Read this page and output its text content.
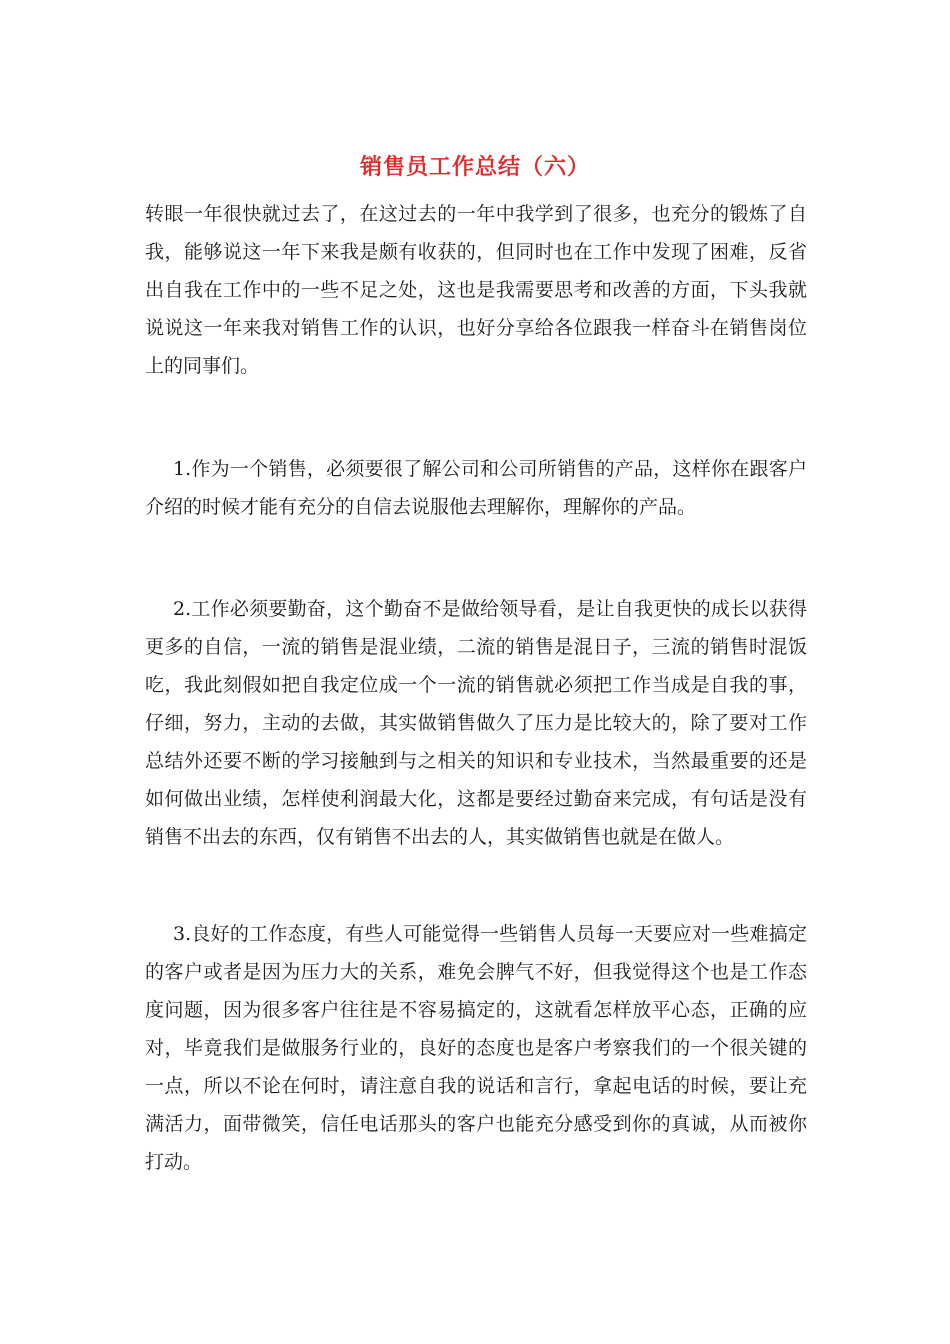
销售员工作总结（六）

转眼一年很快就过去了，在这过去的一年中我学到了很多，也充分的锻炼了自我，能够说这一年下来我是颇有收获的，但同时也在工作中发现了困难，反省出自我在工作中的一些不足之处，这也是我需要思考和改善的方面，下头我就说说这一年来我对销售工作的认识，也好分享给各位跟我一样奋斗在销售岗位上的同事们。

1.作为一个销售，必须要很了解公司和公司所销售的产品，这样你在跟客户介绍的时候才能有充分的自信去说服他去理解你，理解你的产品。

2.工作必须要勤奋，这个勤奋不是做给领导看，是让自我更快的成长以获得更多的自信，一流的销售是混业绩，二流的销售是混日子，三流的销售时混饭吃，我此刻假如把自我定位成一个一流的销售就必须把工作当成是自我的事，仔细，努力，主动的去做，其实做销售做久了压力是比较大的，除了要对工作总结外还要不断的学习接触到与之相关的知识和专业技术，当然最重要的还是如何做出业绩，怎样使利润最大化，这都是要经过勤奋来完成，有句话是没有销售不出去的东西，仅有销售不出去的人，其实做销售也就是在做人。

3.良好的工作态度，有些人可能觉得一些销售人员每一天要应对一些难搞定的客户或者是因为压力大的关系，难免会脾气不好，但我觉得这个也是工作态度问题，因为很多客户往往是不容易搞定的，这就看怎样放平心态，正确的应对，毕竟我们是做服务行业的，良好的态度也是客户考察我们的一个很关键的一点，所以不论在何时，请注意自我的说话和言行，拿起电话的时候，要让充满活力，面带微笑，信任电话那头的客户也能充分感受到你的真诚，从而被你打动。
